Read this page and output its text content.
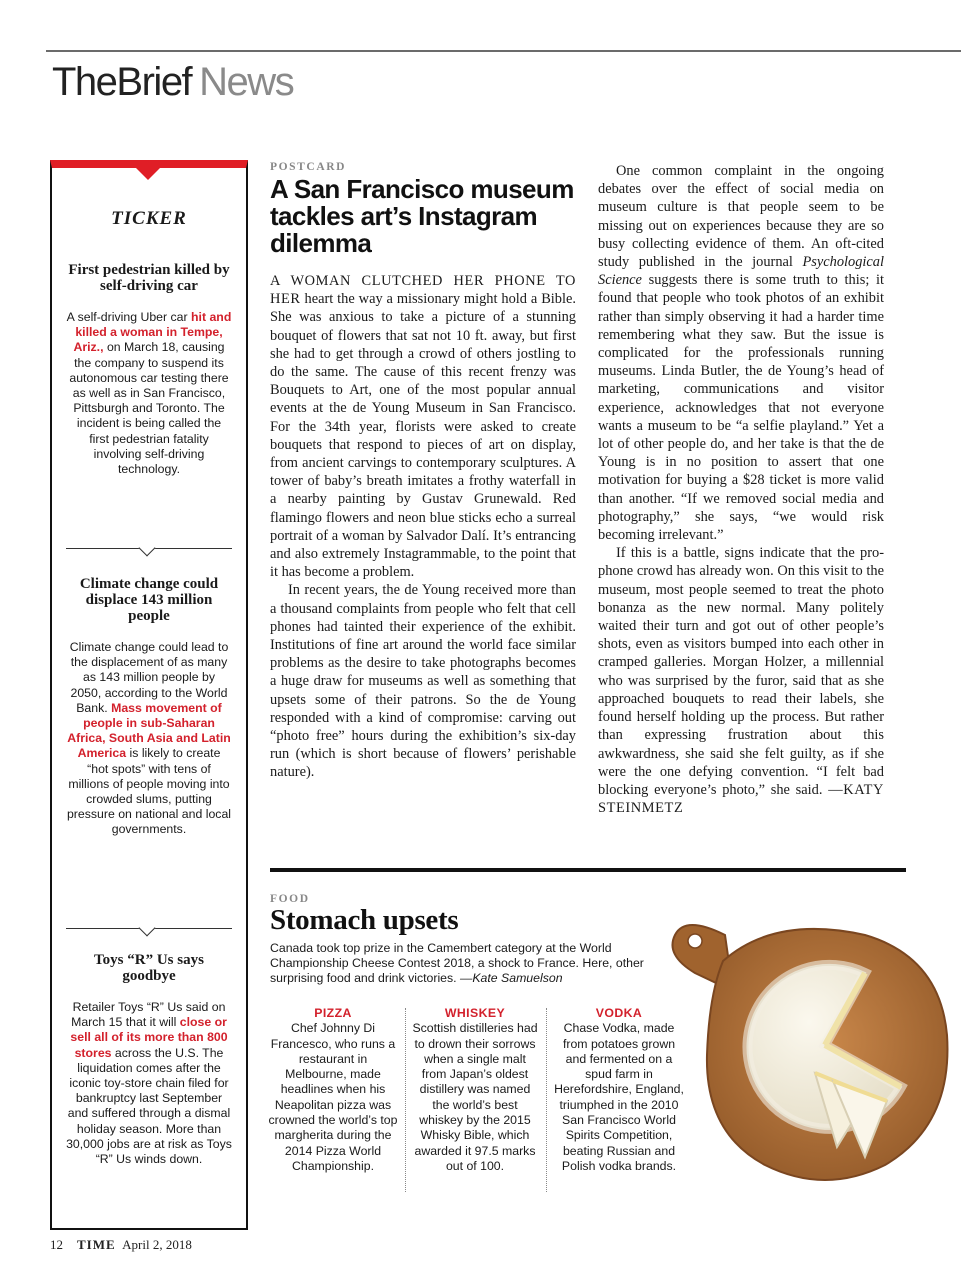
TheBrief News
TICKER
First pedestrian killed by self-driving car
A self-driving Uber car hit and killed a woman in Tempe, Ariz., on March 18, causing the company to suspend its autonomous car testing there as well as in San Francisco, Pittsburgh and Toronto. The incident is being called the first pedestrian fatality involving self-driving technology.
Climate change could displace 143 million people
Climate change could lead to the displacement of as many as 143 million people by 2050, according to the World Bank. Mass movement of people in sub-Saharan Africa, South Asia and Latin America is likely to create “hot spots” with tens of millions of people moving into crowded slums, putting pressure on national and local governments.
Toys “R” Us says goodbye
Retailer Toys “R” Us said on March 15 that it will close or sell all of its more than 800 stores across the U.S. The liquidation comes after the iconic toy-store chain filed for bankruptcy last September and suffered through a dismal holiday season. More than 30,000 jobs are at risk as Toys “R” Us winds down.
POSTCARD
A San Francisco museum tackles art’s Instagram dilemma

A WOMAN CLUTCHED HER PHONE TO HER heart the way a missionary might hold a Bible. She was anxious to take a picture of a stunning bouquet of flowers that sat not 10 ft. away, but first she had to get through a crowd of others jostling to do the same. The cause of this recent frenzy was Bouquets to Art, one of the most popular annual events at the de Young Museum in San Francisco. For the 34th year, florists were asked to create bouquets that respond to pieces of art on display, from ancient carvings to contemporary sculptures. A tower of baby’s breath imitates a frothy waterfall in a nearby painting by Gustav Grunewald. Red flamingo flowers and neon blue sticks echo a surreal portrait of a woman by Salvador Dalí. It’s entrancing and also extremely Instagrammable, to the point that it has become a problem.

In recent years, the de Young received more than a thousand complaints from people who felt that cell phones had tainted their experience of the exhibit. Institutions of fine art around the world face similar problems as the desire to take photographs becomes a huge draw for museums as well as something that upsets some of their patrons. So the de Young responded with a kind of compromise: carving out “photo free” hours during the exhibition’s six-day run (which is short because of flowers’ perishable nature).

One common complaint in the ongoing debates over the effect of social media on museum culture is that people seem to be missing out on experiences because they are so busy collecting evidence of them. An oft-cited study published in the journal Psychological Science suggests there is some truth to this; it found that people who took photos of an exhibit rather than simply observing it had a harder time remembering what they saw. But the issue is complicated for the professionals running museums. Linda Butler, the de Young’s head of marketing, communications and visitor experience, acknowledges that not everyone wants a museum to be “a selfie playland.” Yet a lot of other people do, and her take is that the de Young is in no position to assert that one motivation for buying a $28 ticket is more valid than another. “If we removed social media and photography,” she says, “we would risk becoming irrelevant.”

If this is a battle, signs indicate that the pro-phone crowd has already won. On this visit to the museum, most people seemed to treat the photo bonanza as the new normal. Many politely waited their turn and got out of other people’s shots, even as visitors bumped into each other in cramped galleries. Morgan Holzer, a millennial who was surprised by the furor, said that as she approached bouquets to read their labels, she found herself holding up the process. But rather than expressing frustration about this awkwardness, she said she felt guilty, as if she were the one defying convention. “I felt bad blocking everyone’s photo,” she said. —KATY STEINMETZ

FOOD
Stomach upsets
Canada took top prize in the Camembert category at the World Championship Cheese Contest 2018, a shock to France. Here, other surprising food and drink victories. —Kate Samuelson
PIZZA
Chef Johnny Di Francesco, who runs a restaurant in Melbourne, made headlines when his Neapolitan pizza was crowned the world’s top margherita during the 2014 Pizza World Championship.
WHISKEY
Scottish distilleries had to drown their sorrows when a single malt from Japan’s oldest distillery was named the world’s best whiskey by the 2015 Whisky Bible, which awarded it 97.5 marks out of 100.
VODKA
Chase Vodka, made from potatoes grown and fermented on a spud farm in Herefordshire, England, triumphed in the 2010 San Francisco World Spirits Competition, beating Russian and Polish vodka brands.
12 TIME April 2, 2018
